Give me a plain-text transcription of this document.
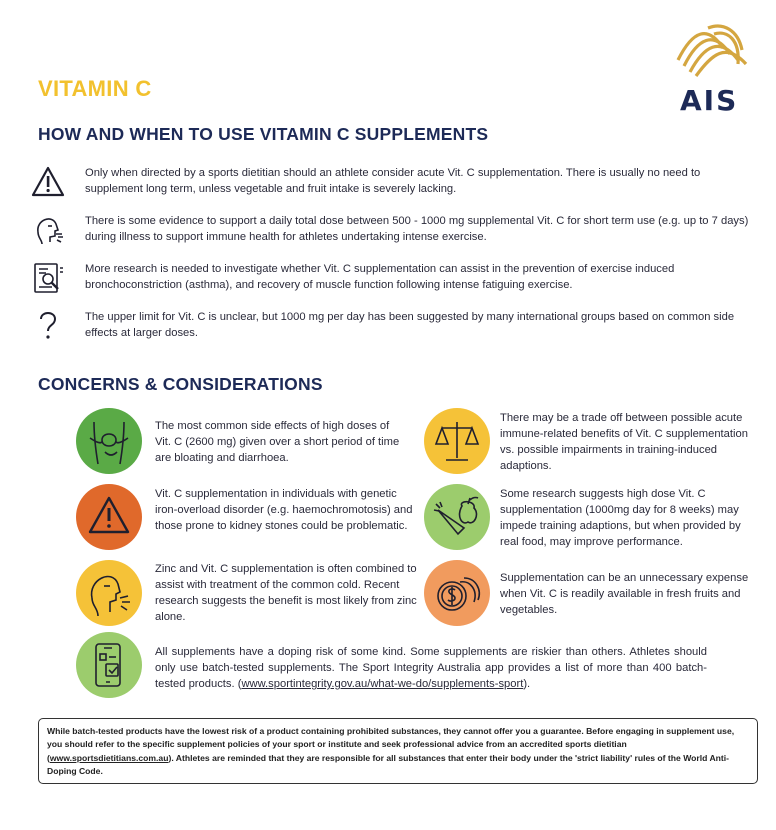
VITAMIN C	AIS
HOW AND WHEN TO USE VITAMIN C SUPPLEMENTS
Only when directed by a sports dietitian should an athlete consider acute Vit. C supplementation. There is usually no need to supplement long term, unless vegetable and fruit intake is severely lacking.
There is some evidence to support a daily total dose between 500 - 1000 mg supplemental Vit. C for short term use (e.g. up to 7 days) during illness to support immune health for athletes undertaking intense exercise.
More research is needed to investigate whether Vit. C supplementation can assist in the prevention of exercise induced bronchoconstriction (asthma), and recovery of muscle function following intense fatiguing exercise.
The upper limit for Vit. C is unclear, but 1000 mg per day has been suggested by many international groups based on common side effects at larger doses.
CONCERNS & CONSIDERATIONS
The most common side effects of high doses of Vit. C (2600 mg) given over a short period of time are bloating and diarrhoea.
There may be a trade off between possible acute immune-related benefits of Vit. C supplementation vs. possible impairments in training-induced adaptions.
Vit. C supplementation in individuals with genetic iron-overload disorder (e.g. haemochromotosis) and those prone to kidney stones could be problematic.
Some research suggests high dose Vit. C supplementation (1000mg day for 8 weeks) may impede training adaptions, but when provided by real food, may improve performance.
Zinc and Vit. C supplementation is often combined to assist with treatment of the common cold. Recent research suggests the benefit is most likely from zinc alone.
Supplementation can be an unnecessary expense when Vit. C is readily available in fresh fruits and vegetables.
All supplements have a doping risk of some kind. Some supplements are riskier than others. Athletes should only use batch-tested supplements. The Sport Integrity Australia app provides a list of more than 400 batch-tested products. (www.sportintegrity.gov.au/what-we-do/supplements-sport).
While batch-tested products have the lowest risk of a product containing prohibited substances, they cannot offer you a guarantee. Before engaging in supplement use, you should refer to the specific supplement policies of your sport or institute and seek professional advice from an accredited sports dietitian (www.sportsdietitians.com.au). Athletes are reminded that they are responsible for all substances that enter their body under the 'strict liability' rules of the World Anti-Doping Code.
